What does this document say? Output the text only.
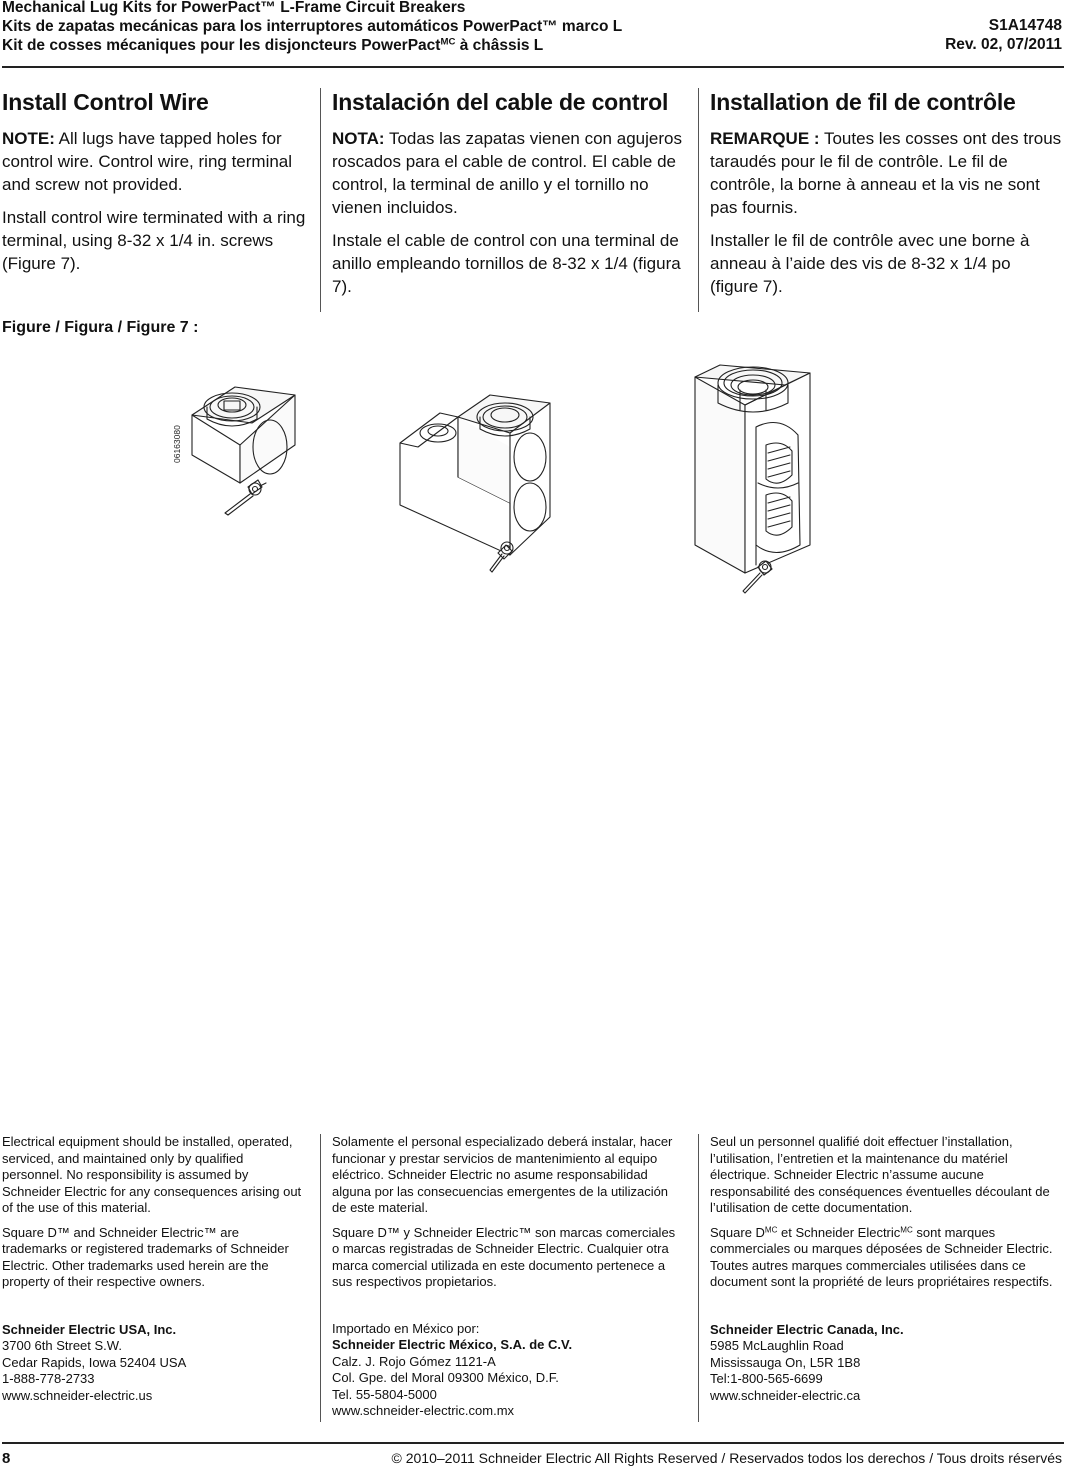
Mechanical Lug Kits for PowerPact™ L-Frame Circuit Breakers
Kits de zapatas mecánicas para los interruptores automáticos PowerPact™ marco L
Kit de cosses mécaniques pour les disjoncteurs PowerPact$^{MC}$ à châssis L
S1A14748
Rev. 02, 07/2011
Install Control Wire

NOTE: All lugs have tapped holes for control wire. Control wire, ring terminal and screw not provided.

Install control wire terminated with a ring terminal, using 8-32 x 1/4 in. screws (Figure 7).

Instalación del cable de control

NOTA: Todas las zapatas vienen con agujeros roscados para el cable de control. El cable de control, la terminal de anillo y el tornillo no vienen incluidos.

Instale el cable de control con una terminal de anillo empleando tornillos de 8-32 x 1/4 (figura 7).

Installation de fil de contrôle

REMARQUE : Toutes les cosses ont des trous taraudés pour le fil de contrôle. Le fil de contrôle, la borne à anneau et la vis ne sont pas fournis.

Installer le fil de contrôle avec une borne à anneau à l’aide des vis de 8-32 x 1/4 po (figure 7).

Figure / Figura / Figure 7 :
06163080

Electrical equipment should be installed, operated, serviced, and maintained only by qualified personnel. No responsibility is assumed by Schneider Electric for any consequences arising out of the use of this material.

Square D™ and Schneider Electric™ are trademarks or registered trademarks of Schneider Electric. Other trademarks used herein are the property of their respective owners.

Schneider Electric USA, Inc.
3700 6th Street S.W.
Cedar Rapids, Iowa 52404 USA
1-888-778-2733
www.schneider-electric.us

Solamente el personal especializado deberá instalar, hacer funcionar y prestar servicios de mantenimiento al equipo eléctrico. Schneider Electric no asume responsabilidad alguna por las consecuencias emergentes de la utilización de este material.

Square D™ y Schneider Electric™ son marcas comerciales o marcas registradas de Schneider Electric. Cualquier otra marca comercial utilizada en este documento pertenece a sus respectivos propietarios.

Importado en México por:
Schneider Electric México, S.A. de C.V.
Calz. J. Rojo Gómez 1121-A
Col. Gpe. del Moral 09300 México, D.F.
Tel. 55-5804-5000
www.schneider-electric.com.mx

Seul un personnel qualifié doit effectuer l’installation, l’utilisation, l’entretien et la maintenance du matériel électrique. Schneider Electric n’assume aucune responsabilité des conséquences éventuelles découlant de l’utilisation de cette documentation.

Square $D^{MC}$ et Schneider Electric$^{MC}$ sont marques commerciales ou marques déposées de Schneider Electric. Toutes autres marques commerciales utilisées dans ce document sont la propriété de leurs propriétaires respectifs.

Schneider Electric Canada, Inc.
5985 McLaughlin Road
Mississauga On, L5R 1B8
Tel:1-800-565-6699
www.schneider-electric.ca
8	© 2010–2011 Schneider Electric All Rights Reserved / Reservados todos los derechos / Tous droits réservés
